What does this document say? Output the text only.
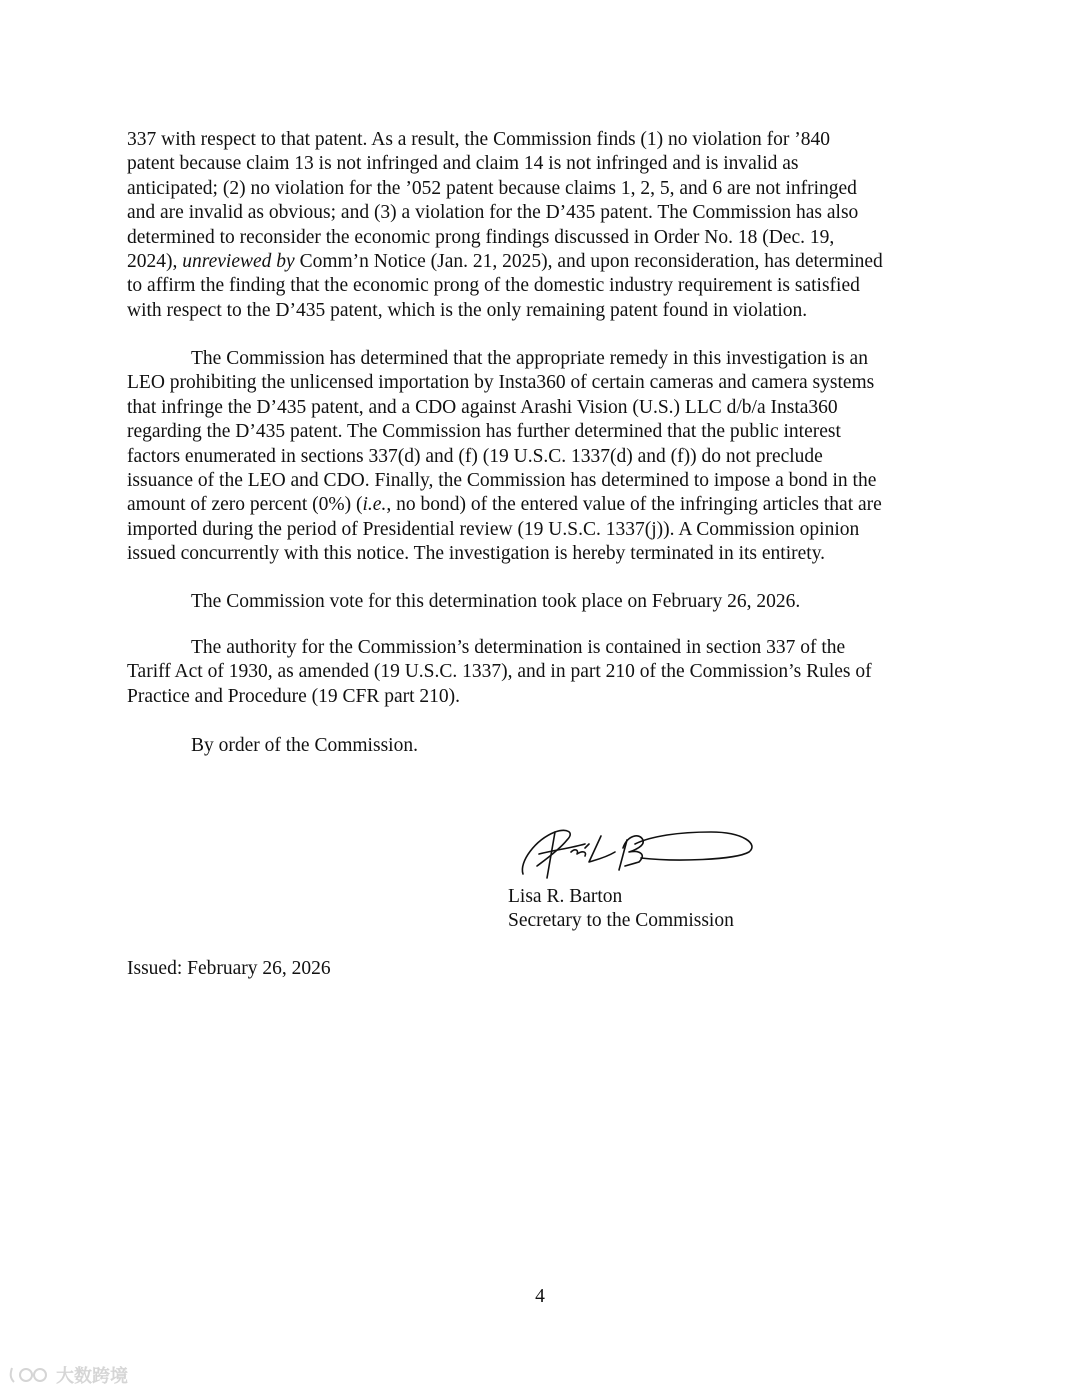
337 with respect to that patent. As a result, the Commission finds (1) no violation for ’840
patent because claim 13 is not infringed and claim 14 is not infringed and is invalid as
anticipated; (2) no violation for the ’052 patent because claims 1, 2, 5, and 6 are not infringed
and are invalid as obvious; and (3) a violation for the D’435 patent. The Commission has also
determined to reconsider the economic prong findings discussed in Order No. 18 (Dec. 19,
2024), unreviewed by Comm’n Notice (Jan. 21, 2025), and upon reconsideration, has determined
to affirm the finding that the economic prong of the domestic industry requirement is satisfied
with respect to the D’435 patent, which is the only remaining patent found in violation.
The Commission has determined that the appropriate remedy in this investigation is an
LEO prohibiting the unlicensed importation by Insta360 of certain cameras and camera systems
that infringe the D’435 patent, and a CDO against Arashi Vision (U.S.) LLC d/b/a Insta360
regarding the D’435 patent. The Commission has further determined that the public interest
factors enumerated in sections 337(d) and (f) (19 U.S.C. 1337(d) and (f)) do not preclude
issuance of the LEO and CDO. Finally, the Commission has determined to impose a bond in the
amount of zero percent (0%) (i.e., no bond) of the entered value of the infringing articles that are
imported during the period of Presidential review (19 U.S.C. 1337(j)). A Commission opinion
issued concurrently with this notice. The investigation is hereby terminated in its entirety.
The Commission vote for this determination took place on February 26, 2026.
The authority for the Commission’s determination is contained in section 337 of the
Tariff Act of 1930, as amended (19 U.S.C. 1337), and in part 210 of the Commission’s Rules of
Practice and Procedure (19 CFR part 210).
By order of the Commission.
Lisa R. Barton
Secretary to the Commission
Issued: February 26, 2026
4
大数跨境
